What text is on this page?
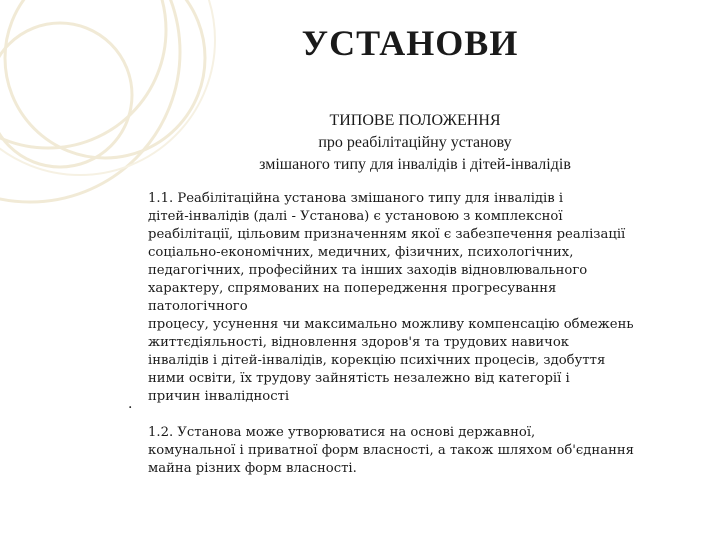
УСТАНОВИ
ТИПОВЕ ПОЛОЖЕННЯ
про реабілітаційну установу
змішаного типу для інвалідів і дітей-інвалідів
1.1. Реабілітаційна установа змішаного типу для інвалідів і
дітей-інвалідів (далі - Установа) є установою з комплексної
реабілітації, цільовим призначенням якої є забезпечення реалізації
соціально-економічних, медичних, фізичних, психологічних,
педагогічних, професійних та інших заходів відновлювального
характеру, спрямованих на попередження прогресування
патологічного
процесу, усунення чи максимально можливу компенсацію обмежень
життєдіяльності, відновлення здоров'я та трудових навичок
інвалідів і дітей-інвалідів, корекцію психічних процесів, здобуття
ними освіти, їх трудову зайнятість незалежно від категорії і
причин інвалідності
·
1.2. Установа може утворюватися на основі державної,
комунальної і приватної форм власності, а також шляхом об'єднання
майна різних форм власності.
